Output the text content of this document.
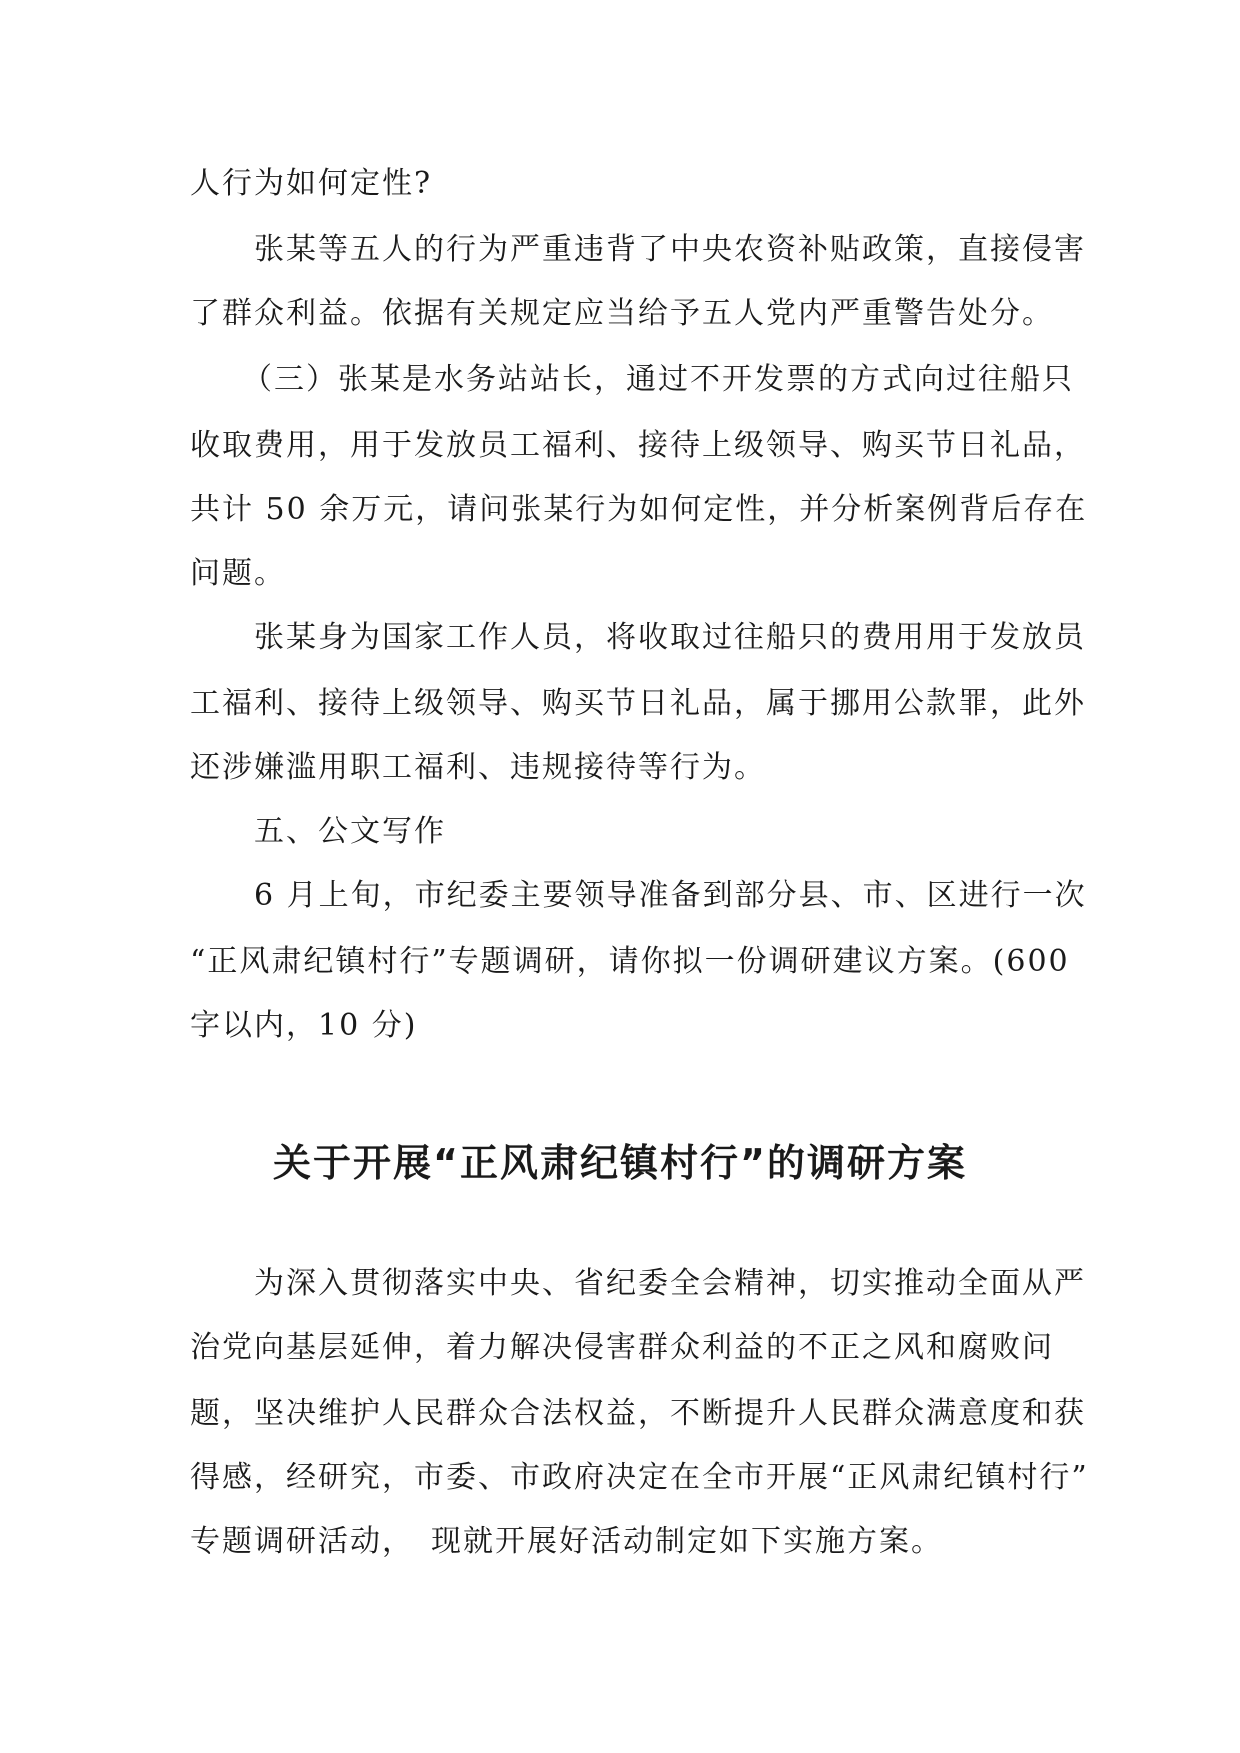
人行为如何定性?
张某等五人的行为严重违背了中央农资补贴政策，直接侵害
了群众利益。依据有关规定应当给予五人党内严重警告处分。
（三）张某是水务站站长，通过不开发票的方式向过往船只
收取费用，用于发放员工福利、接待上级领导、购买节日礼品，
共计 50 余万元，请问张某行为如何定性，并分析案例背后存在
问题。
张某身为国家工作人员，将收取过往船只的费用用于发放员
工福利、接待上级领导、购买节日礼品，属于挪用公款罪，此外
还涉嫌滥用职工福利、违规接待等行为。
五、公文写作
6 月上旬，市纪委主要领导准备到部分县、市、区进行一次
“正风肃纪镇村行”专题调研，请你拟一份调研建议方案。(600
字以内，10 分)
关于开展“正风肃纪镇村行”的调研方案
为深入贯彻落实中央、省纪委全会精神，切实推动全面从严
治党向基层延伸，着力解决侵害群众利益的不正之风和腐败问
题，坚决维护人民群众合法权益，不断提升人民群众满意度和获
得感，经研究，市委、市政府决定在全市开展“正风肃纪镇村行”
专题调研活动，　现就开展好活动制定如下实施方案。
